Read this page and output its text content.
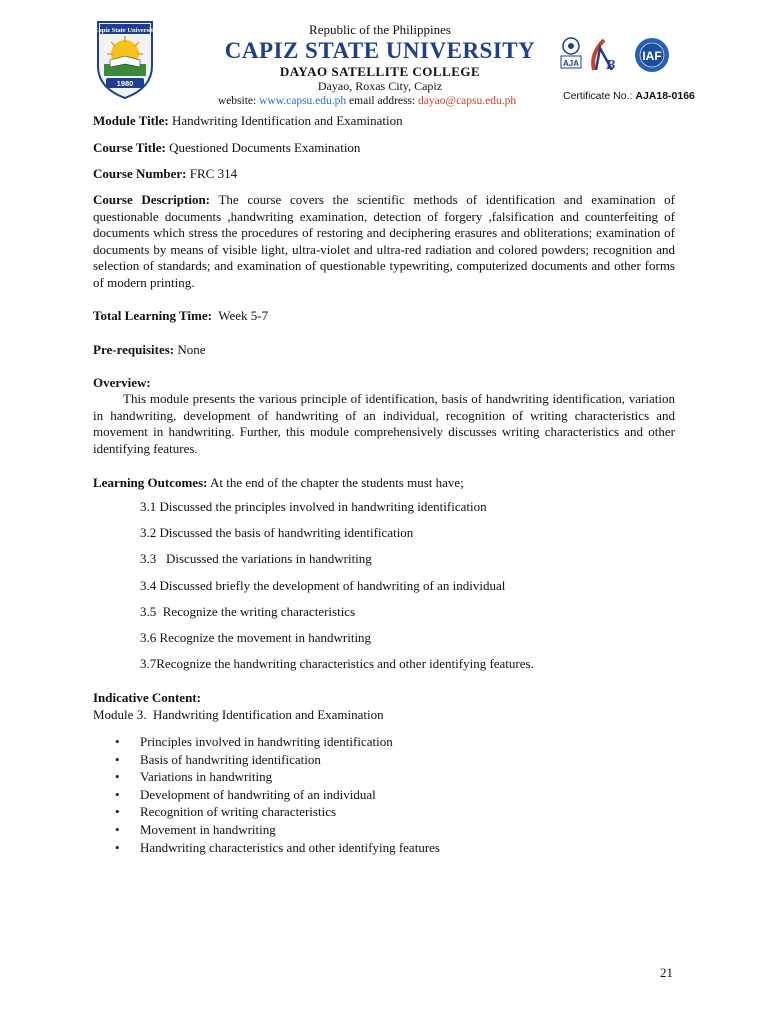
Capiz State University
1980
Republic of the Philippines
CAPIZ STATE UNIVERSITY
DAYAO SATELLITE COLLEGE
Dayao, Roxas City, Capiz
website: www.capsu.edu.ph email address: dayao@capsu.edu.ph
AJA B
IAF
Certificate No.: AJA18-0166
Module Title: Handwriting Identification and Examination
Course Title: Questioned Documents Examination
Course Number: FRC 314

Course Description: The course covers the scientific methods of identification and examination of questionable documents ,handwriting examination, detection of forgery ,falsification and counterfeiting of documents which stress the procedures of restoring and deciphering erasures and obliterations; examination of documents by means of visible light, ultra-violet and ultra-red radiation and colored powders; recognition and selection of standards; and examination of questionable typewriting, computerized documents and other forms of modern printing.

Total Learning Time:  Week 5-7
Pre-requisites: None
Overview:

This module presents the various principle of identification, basis of handwriting identification, variation in handwriting, development of handwriting of an individual, recognition of writing characteristics and movement in handwriting. Further, this module comprehensively discusses writing characteristics and other identifying features.

Learning Outcomes: At the end of the chapter the students must have;
3.1 Discussed the principles involved in handwriting identification
3.2 Discussed the basis of handwriting identification
3.3   Discussed the variations in handwriting
3.4 Discussed briefly the development of handwriting of an individual
3.5  Recognize the writing characteristics
3.6 Recognize the movement in handwriting
3.7Recognize the handwriting characteristics and other identifying features.
Indicative Content:
Module 3.  Handwriting Identification and Examination
• Principles involved in handwriting identification
• Basis of handwriting identification
• Variations in handwriting
• Development of handwriting of an individual
• Recognition of writing characteristics
• Movement in handwriting
• Handwriting characteristics and other identifying features
21
